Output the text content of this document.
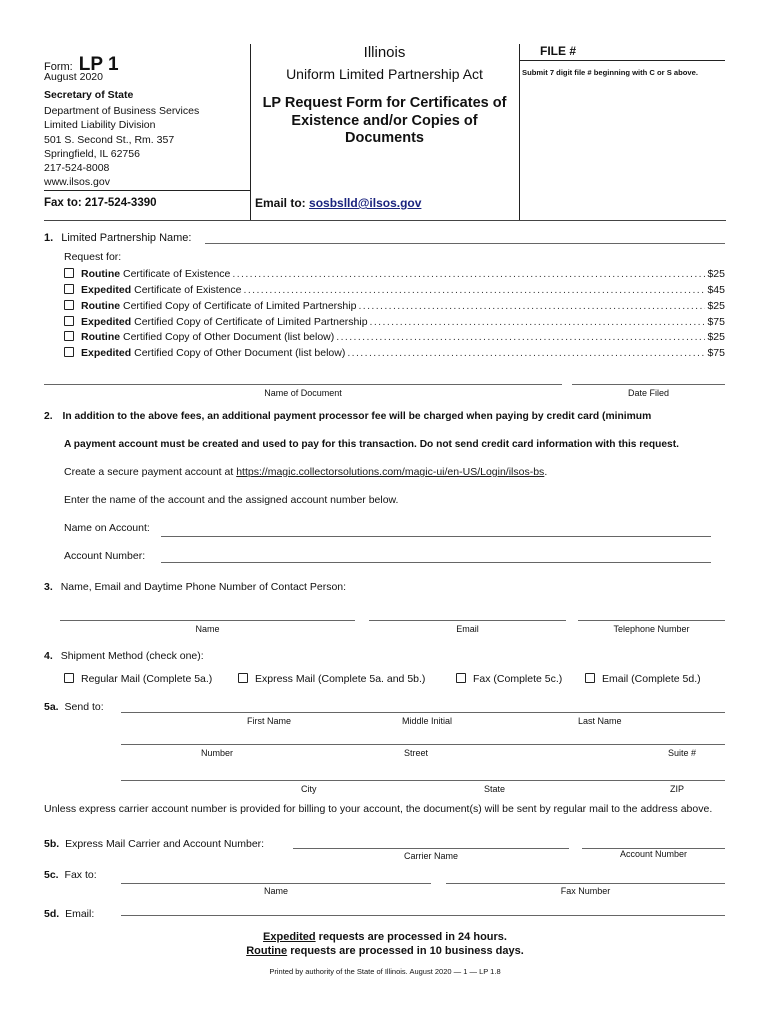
Form: LP 1
August 2020
Secretary of State
Department of Business Services
Limited Liability Division
501 S. Second St., Rm. 357
Springfield, IL 62756
217-524-8008
www.ilsos.gov
Fax to: 217-524-3390
Illinois
Uniform Limited Partnership Act
LP Request Form for Certificates of Existence and/or Copies of Documents
Email to: sosbslld@ilsos.gov
FILE #
Submit 7 digit file # beginning with C or S above.
1. Limited Partnership Name:
Request for:
Routine Certificate of Existence .....	$25
Expedited Certificate of Existence .....	$45
Routine Certified Copy of Certificate of Limited Partnership .....	$25
Expedited Certified Copy of Certificate of Limited Partnership .....	$75
Routine Certified Copy of Other Document (list below) .....	$25
Expedited Certified Copy of Other Document (list below) .....	$75
Name of Document	Date Filed
2. In addition to the above fees, an additional payment processor fee will be charged when paying by credit card (minimum
A payment account must be created and used to pay for this transaction. Do not send credit card information with this request.
Create a secure payment account at https://magic.collectorsolutions.com/magic-ui/en-US/Login/ilsos-bs.
Enter the name of the account and the assigned account number below.
Name on Account:
Account Number:
3. Name, Email and Daytime Phone Number of Contact Person:
Name	Email	Telephone Number
4. Shipment Method (check one):
Regular Mail (Complete 5a.)	Express Mail (Complete 5a. and 5b.)	Fax (Complete 5c.)	Email (Complete 5d.)
5a. Send to:
First Name	Middle Initial	Last Name
Number	Street	Suite #
City	State	ZIP
Unless express carrier account number is provided for billing to your account, the document(s) will be sent by regular mail to the address above.
5b. Express Mail Carrier and Account Number:
Carrier Name	Account Number
5c. Fax to:
Name	Fax Number
5d. Email:
Expedited requests are processed in 24 hours.
Routine requests are processed in 10 business days.
Printed by authority of the State of Illinois. August 2020 — 1 — LP 1.8
